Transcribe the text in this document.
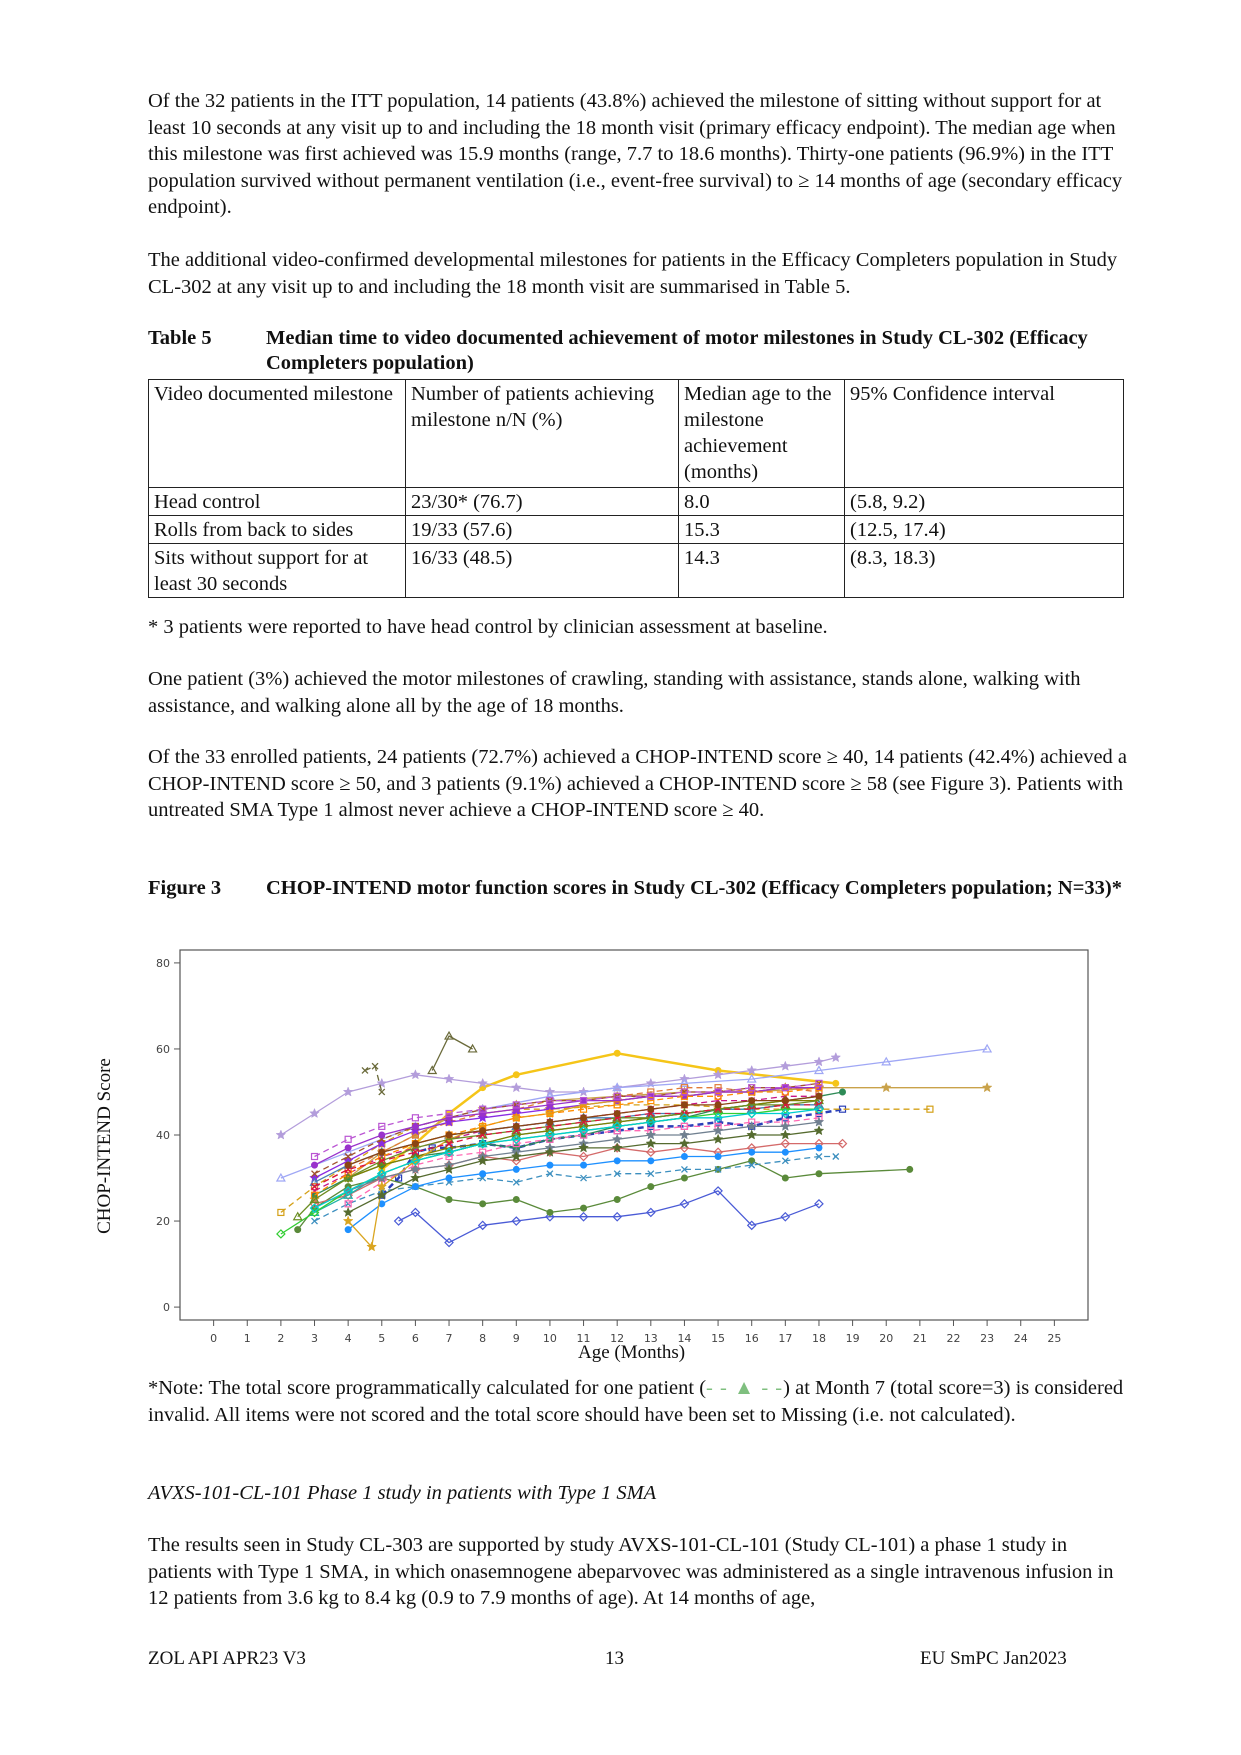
Of the 32 patients in the ITT population, 14 patients (43.8%) achieved the milestone of sitting without support for at least 10 seconds at any visit up to and including the 18 month visit (primary efficacy endpoint). The median age when this milestone was first achieved was 15.9 months (range, 7.7 to 18.6 months). Thirty-one patients (96.9%) in the ITT population survived without permanent ventilation (i.e., event-free survival) to ≥ 14 months of age (secondary efficacy endpoint).

The additional video-confirmed developmental milestones for patients in the Efficacy Completers population in Study CL-302 at any visit up to and including the 18 month visit are summarised in Table 5.

Table 5	Median time to video documented achievement of motor milestones in Study CL-302 (Efficacy Completers population)
Video documented milestone	Number of patients achieving milestone n/N (%)	Median age to the milestone achievement (months)	95% Confidence interval
Head control	23/30* (76.7)	8.0	(5.8, 9.2)
Rolls from back to sides	19/33 (57.6)	15.3	(12.5, 17.4)
Sits without support for at least 30 seconds	16/33 (48.5)	14.3	(8.3, 18.3)
* 3 patients were reported to have head control by clinician assessment at baseline.

One patient (3%) achieved the motor milestones of crawling, standing with assistance, stands alone, walking with assistance, and walking alone all by the age of 18 months.

Of the 33 enrolled patients, 24 patients (72.7%) achieved a CHOP-INTEND score ≥ 40, 14 patients (42.4%) achieved a CHOP-INTEND score ≥ 50, and 3 patients (9.1%) achieved a CHOP-INTEND score ≥ 58 (see Figure 3). Patients with untreated SMA Type 1 almost never achieve a CHOP-INTEND score ≥ 40.

Figure 3	CHOP-INTEND motor function scores in Study CL-302 (Efficacy Completers population; N=33)*
0
20
40
60
80
0 1 2 3 4 5 6 7 8 9 10 11 12 13 14 15 16 17 18 19 20 21 22 23 24 25
CHOP-INTEND Score
Age (Months)

*Note: The total score programmatically calculated for one patient (- - ▲ - -) at Month 7 (total score=3) is considered invalid. All items were not scored and the total score should have been set to Missing (i.e. not calculated).

AVXS-101-CL-101 Phase 1 study in patients with Type 1 SMA

The results seen in Study CL-303 are supported by study AVXS-101-CL-101 (Study CL-101) a phase 1 study in patients with Type 1 SMA, in which onasemnogene abeparvovec was administered as a single intravenous infusion in 12 patients from 3.6 kg to 8.4 kg (0.9 to 7.9 months of age). At 14 months of age,

ZOL API APR23 V3	13	EU SmPC Jan2023
